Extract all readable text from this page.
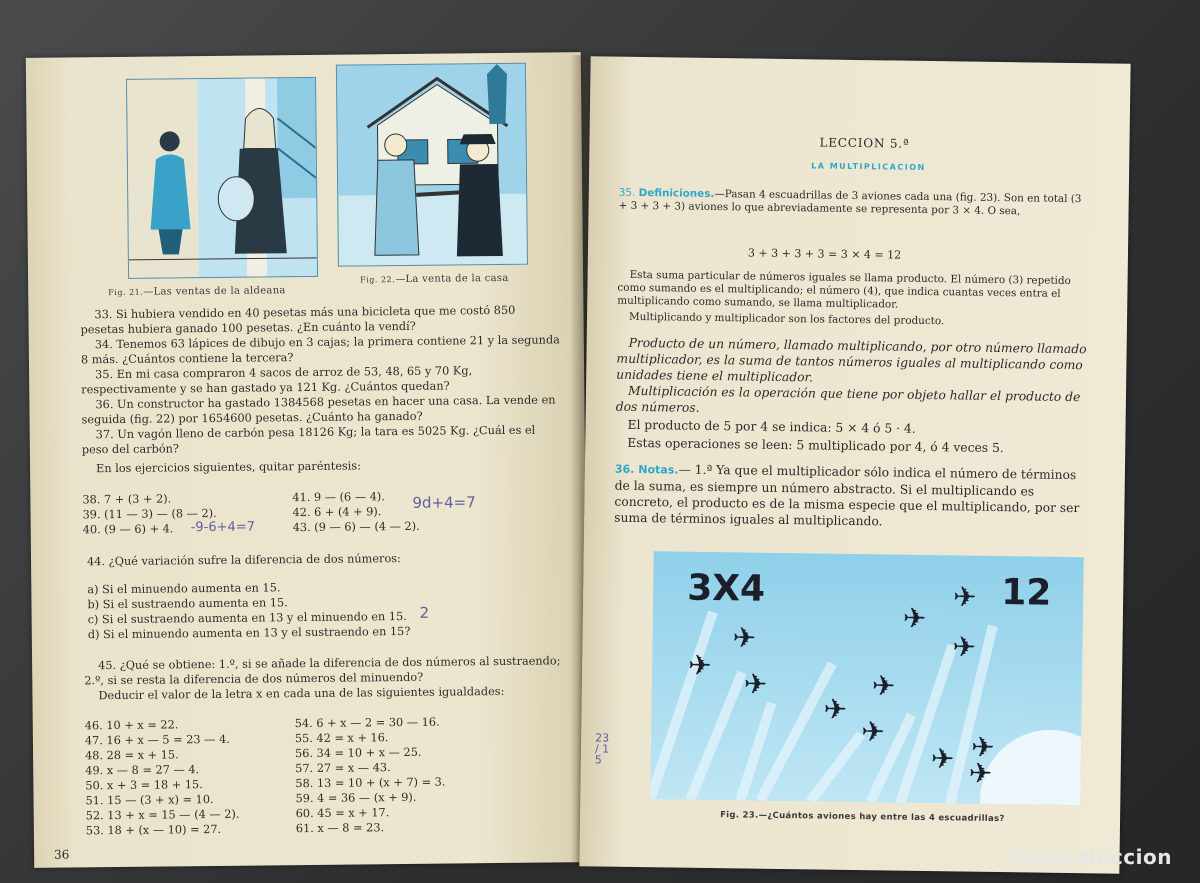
Fig. 21.—Las ventas de la aldeana
Fig. 22.—La venta de la casa
33. Si hubiera vendido en 40 pesetas más una bicicleta que me costó 850 pesetas hubiera ganado 100 pesetas. ¿En cuánto la vendí?
34. Tenemos 63 lápices de dibujo en 3 cajas; la primera contiene 21 y la segunda 8 más. ¿Cuántos contiene la tercera?
35. En mi casa compraron 4 sacos de arroz de 53, 48, 65 y 70 Kg, respectivamente y se han gastado ya 121 Kg. ¿Cuántos quedan?
36. Un constructor ha gastado 1384568 pesetas en hacer una casa. La vende en seguida (fig. 22) por 1654600 pesetas. ¿Cuánto ha ganado?
37. Un vagón lleno de carbón pesa 18126 Kg; la tara es 5025 Kg. ¿Cuál es el peso del carbón?
En los ejercicios siguientes, quitar paréntesis:
38. 7 + (3 + 2).
39. (11 — 3) — (8 — 2).
40. (9 — 6) + 4.
41. 9 — (6 — 4).
42. 6 + (4 + 9).
43. (9 — 6) — (4 — 2).
9d+4=7
-9-6+4=7
44. ¿Qué variación sufre la diferencia de dos números:
a) Si el minuendo aumenta en 15.
b) Si el sustraendo aumenta en 15.
c) Si el sustraendo aumenta en 13 y el minuendo en 15.
d) Si el minuendo aumenta en 13 y el sustraendo en 15?
2
45. ¿Qué se obtiene: 1.º, si se añade la diferencia de dos números al sustraendo; 2.º, si se resta la diferencia de dos números del minuendo?
Deducir el valor de la letra x en cada una de las siguientes igualdades:
46. 10 + x = 22.
47. 16 + x — 5 = 23 — 4.
48. 28 = x + 15.
49. x — 8 = 27 — 4.
50. x + 3 = 18 + 15.
51. 15 — (3 + x) = 10.
52. 13 + x = 15 — (4 — 2).
53. 18 + (x — 10) = 27.
54. 6 + x — 2 = 30 — 16.
55. 42 = x + 16.
56. 34 = 10 + x — 25.
57. 27 = x — 43.
58. 13 = 10 + (x + 7) = 3.
59. 4 = 36 — (x + 9).
60. 45 = x + 17.
61. x — 8 = 23.
36
LECCION 5.ª
LA MULTIPLICACION
35. Definiciones.—Pasan 4 escuadrillas de 3 aviones cada una (fig. 23). Son en total (3 + 3 + 3 + 3) aviones lo que abreviadamente se representa por 3 × 4. O sea,
3 + 3 + 3 + 3 = 3 × 4 = 12
Esta suma particular de números iguales se llama producto. El número (3) repetido como sumando es el multiplicando; el número (4), que indica cuantas veces entra el multiplicando como sumando, se llama multiplicador.
Multiplicando y multiplicador son los factores del producto.
Producto de un número, llamado multiplicando, por otro número llamado multiplicador, es la suma de tantos números iguales al multiplicando como unidades tiene el multiplicador.
Multiplicación es la operación que tiene por objeto hallar el producto de dos números.
El producto de 5 por 4 se indica: 5 × 4 ó 5 · 4.
Estas operaciones se leen: 5 multiplicado por 4, ó 4 veces 5.
36. Notas.— 1.ª Ya que el multiplicador sólo indica el número de términos de la suma, es siempre un número abstracto. Si el multiplicando es concreto, el producto es de la misma especie que el multiplicando, por ser suma de términos iguales al multiplicando.
3X4	12
✈
✈
✈
✈
✈
✈	✈
✈
✈	✈
✈ ✈
Fig. 23.—¿Cuántos aviones hay entre las 4 escuadrillas?
23 / 1 5
todocoleccion
